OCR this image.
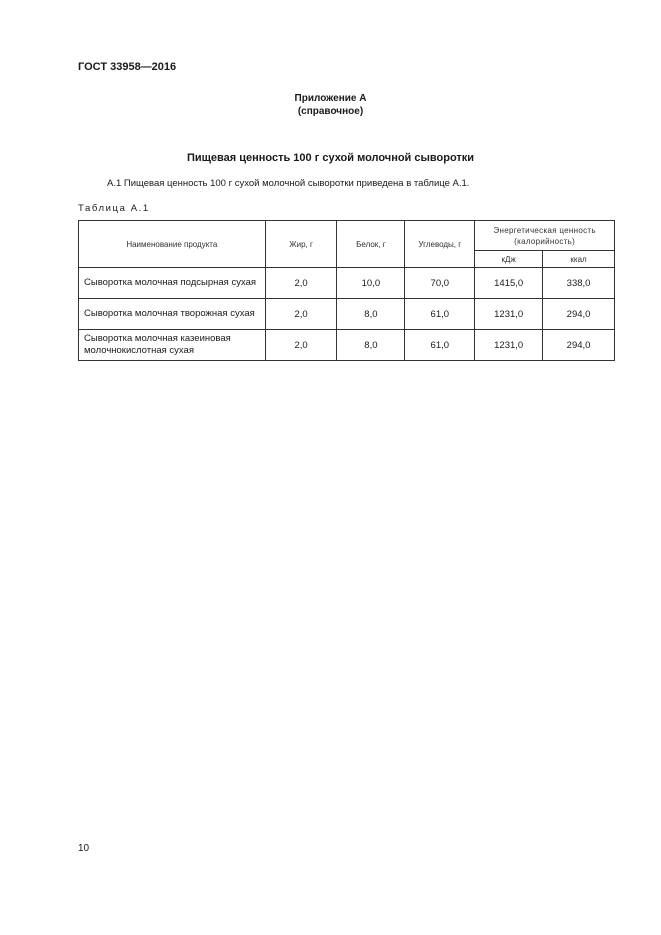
ГОСТ 33958—2016
Приложение А
(справочное)
Пищевая ценность 100 г сухой молочной сыворотки
А.1 Пищевая ценность 100 г сухой молочной сыворотки приведена в таблице А.1.
Таблица А.1
Наименование продукта	Жир, г	Белок, г	Углеводы, г	Энергетическая ценность (калорийность)	
				кДж	ккал
Сыворотка молочная подсырная сухая	2,0	10,0	70,0	1415,0	338,0
Сыворотка молочная творожная сухая	2,0	8,0	61,0	1231,0	294,0
Сыворотка молочная казеиновая молочнокислотная сухая	2,0	8,0	61,0	1231,0	294,0
10
